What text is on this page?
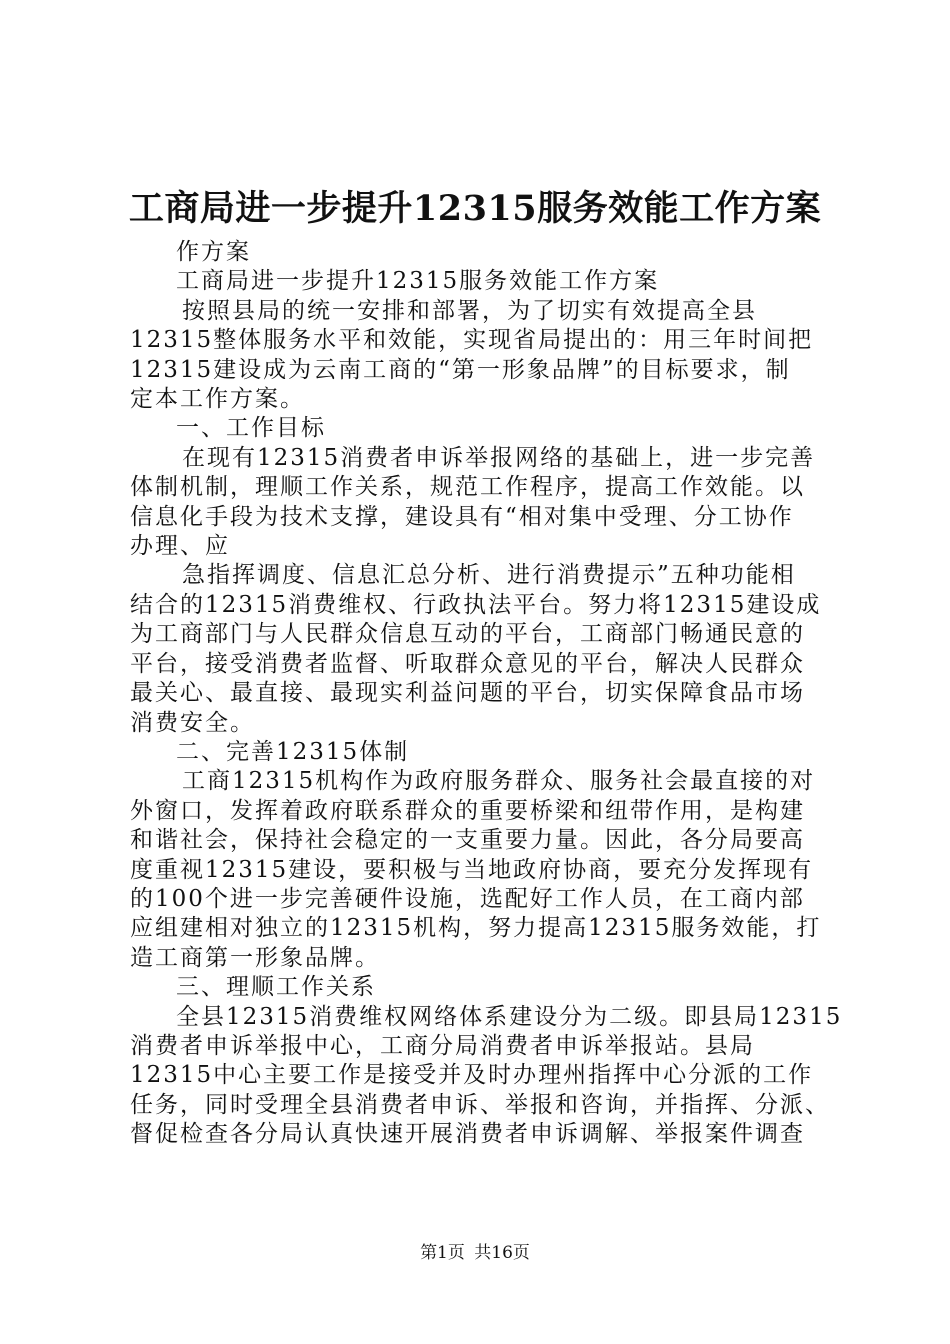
工商局进一步提升12315服务效能工作方案

作方案

工商局进一步提升12315服务效能工作方案

按照县局的统一安排和部署，为了切实有效提高全县
12315整体服务水平和效能，实现省局提出的：用三年时间把
12315建设成为云南工商的“第一形象品牌”的目标要求，制
定本工作方案。

一、工作目标

在现有12315消费者申诉举报网络的基础上，进一步完善
体制机制，理顺工作关系，规范工作程序，提高工作效能。以
信息化手段为技术支撑，建设具有“相对集中受理、分工协作
办理、应

急指挥调度、信息汇总分析、进行消费提示”五种功能相
结合的12315消费维权、行政执法平台。努力将12315建设成
为工商部门与人民群众信息互动的平台，工商部门畅通民意的
平台，接受消费者监督、听取群众意见的平台，解决人民群众
最关心、最直接、最现实利益问题的平台，切实保障食品市场
消费安全。

二、完善12315体制

工商12315机构作为政府服务群众、服务社会最直接的对
外窗口，发挥着政府联系群众的重要桥梁和纽带作用，是构建
和谐社会，保持社会稳定的一支重要力量。因此，各分局要高
度重视12315建设，要积极与当地政府协商，要充分发挥现有
的100个进一步完善硬件设施，选配好工作人员，在工商内部
应组建相对独立的12315机构，努力提高12315服务效能，打
造工商第一形象品牌。

三、理顺工作关系

全县12315消费维权网络体系建设分为二级。即县局12315
消费者申诉举报中心，工商分局消费者申诉举报站。县局
12315中心主要工作是接受并及时办理州指挥中心分派的工作
任务，同时受理全县消费者申诉、举报和咨询，并指挥、分派、
督促检查各分局认真快速开展消费者申诉调解、举报案件调查

第1页 共16页
